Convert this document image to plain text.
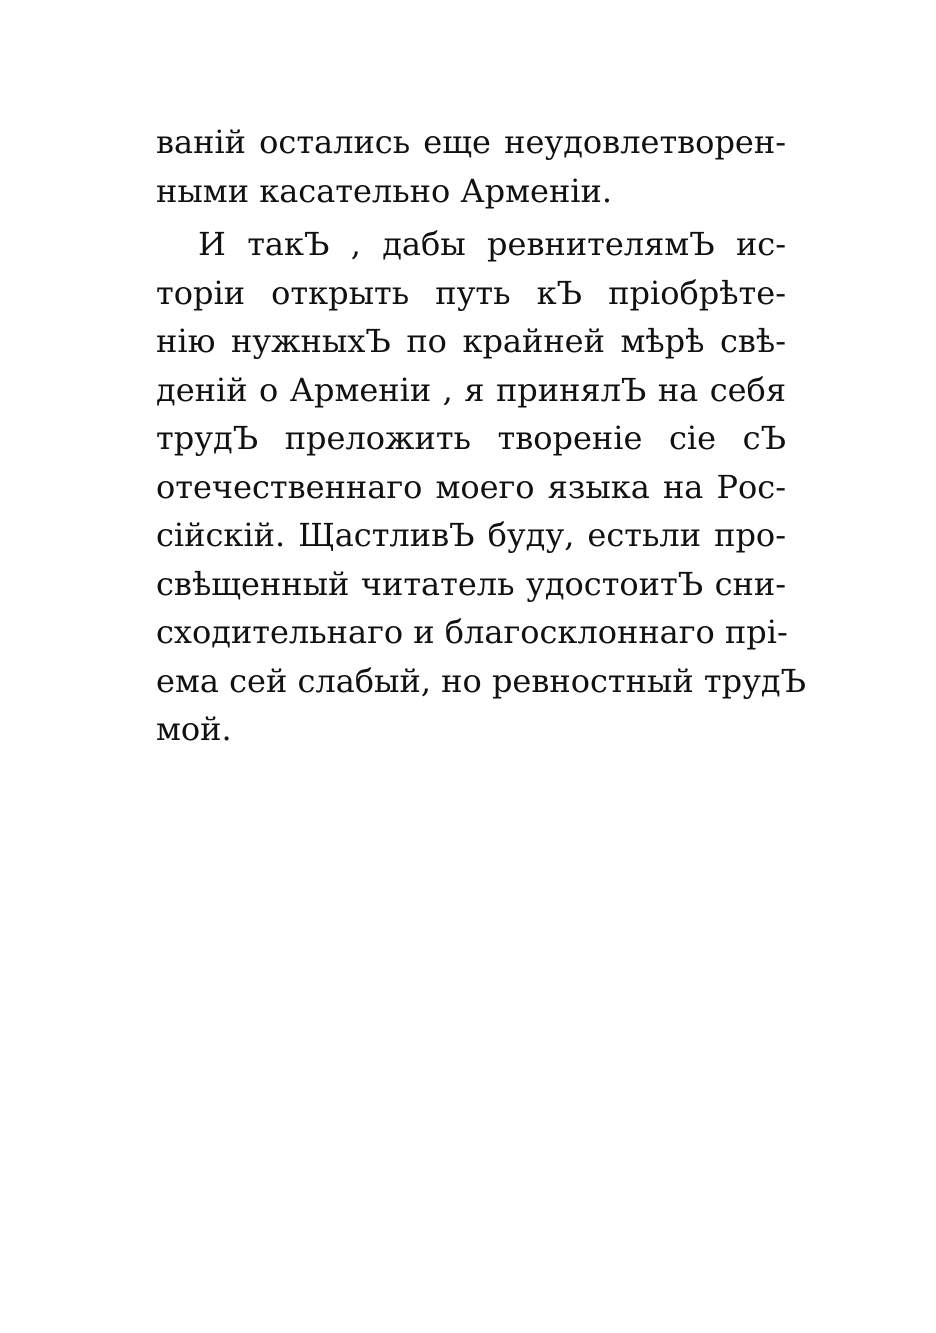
ванiй остались еще неудовлетворен-
ными касательно Арменiи.
И такЪ , дабы ревнителямЪ ис-
торiи открыть путь кЪ прiобрѣте-
нiю нужныхЪ по крайней мѣрѣ свѣ-
денiй о Арменiи , я принялЪ на себя
трудЪ преложить творенiе сiе сЪ
отечественнаго моего языка на Рос-
сiйскiй. ЩастливЪ буду, естьли про-
свѣщенный читатель удостоитЪ сни-
сходительнаго и благосклоннаго прi-
ема сей слабый, но ревностный трудЪ
мой.
